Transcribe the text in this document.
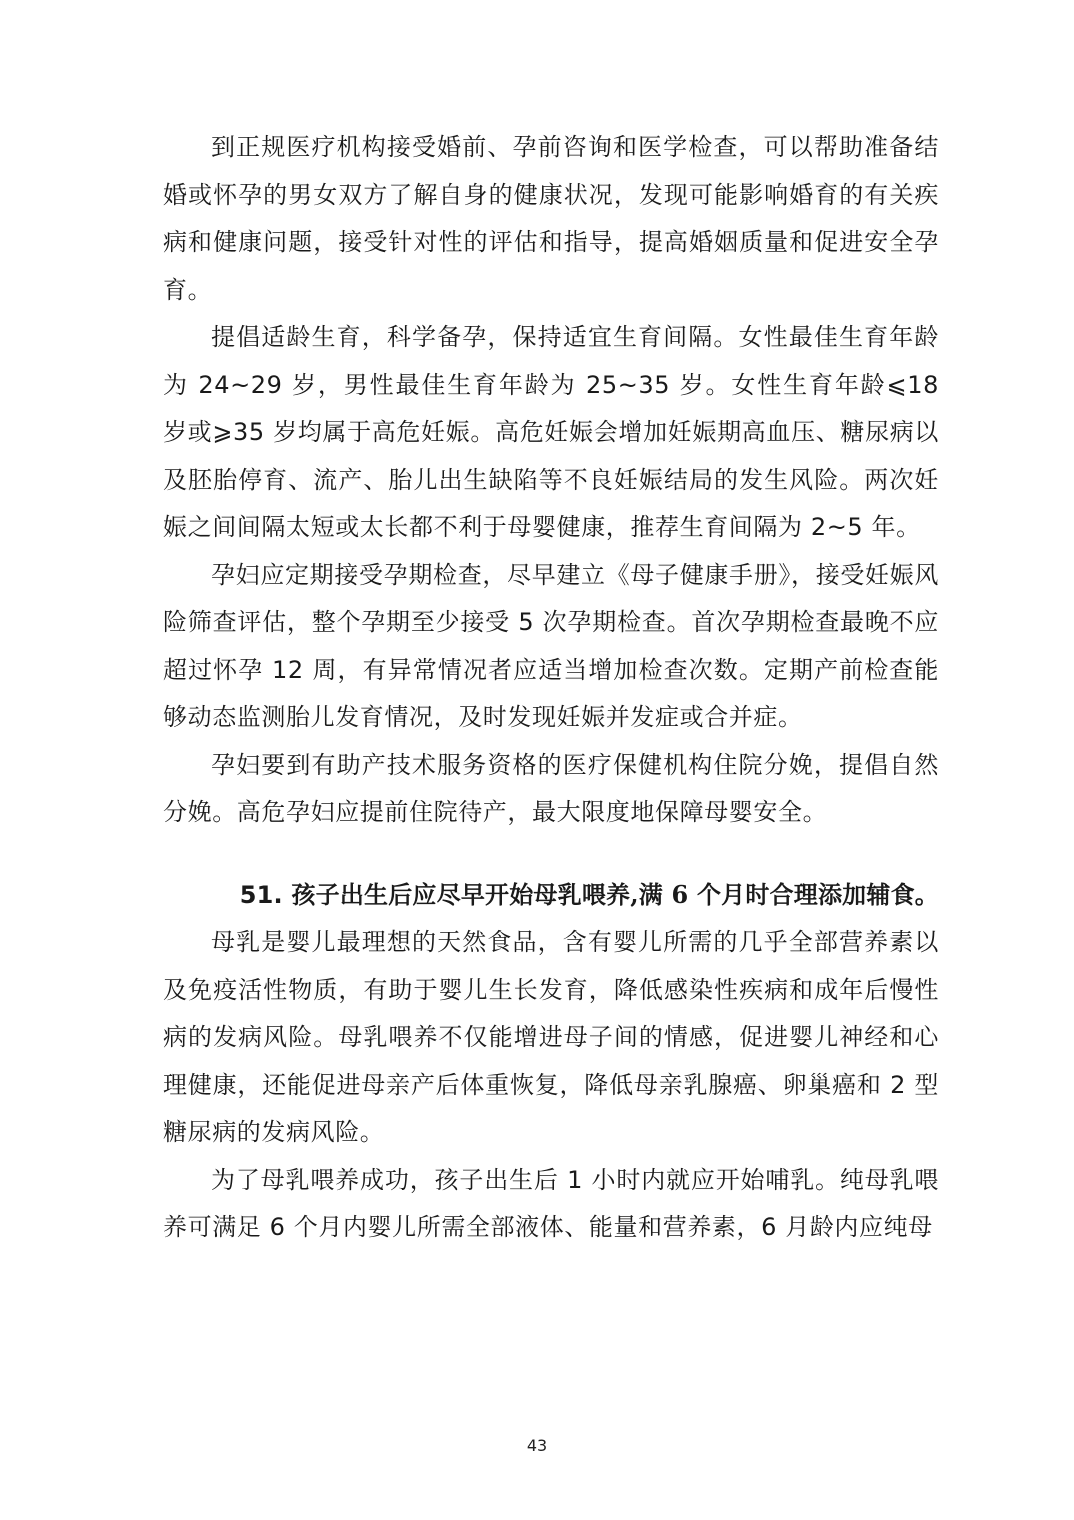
到正规医疗机构接受婚前、孕前咨询和医学检查，可以帮助准备结婚或怀孕的男女双方了解自身的健康状况，发现可能影响婚育的有关疾病和健康问题，接受针对性的评估和指导，提高婚姻质量和促进安全孕育。

提倡适龄生育，科学备孕，保持适宜生育间隔。女性最佳生育年龄为 24~29 岁，男性最佳生育年龄为 25~35 岁。女性生育年龄⩽18 岁或⩾35 岁均属于高危妊娠。高危妊娠会增加妊娠期高血压、糖尿病以及胚胎停育、流产、胎儿出生缺陷等不良妊娠结局的发生风险。两次妊娠之间间隔太短或太长都不利于母婴健康，推荐生育间隔为 2~5 年。

孕妇应定期接受孕期检查，尽早建立《母子健康手册》，接受妊娠风险筛查评估，整个孕期至少接受 5 次孕期检查。首次孕期检查最晚不应超过怀孕 12 周，有异常情况者应适当增加检查次数。定期产前检查能够动态监测胎儿发育情况，及时发现妊娠并发症或合并症。

孕妇要到有助产技术服务资格的医疗保健机构住院分娩，提倡自然分娩。高危孕妇应提前住院待产，最大限度地保障母婴安全。

51. 孩子出生后应尽早开始母乳喂养,满 6 个月时合理添加辅食。

母乳是婴儿最理想的天然食品，含有婴儿所需的几乎全部营养素以及免疫活性物质，有助于婴儿生长发育，降低感染性疾病和成年后慢性病的发病风险。母乳喂养不仅能增进母子间的情感，促进婴儿神经和心理健康，还能促进母亲产后体重恢复，降低母亲乳腺癌、卵巢癌和 2 型糖尿病的发病风险。

为了母乳喂养成功，孩子出生后 1 小时内就应开始哺乳。纯母乳喂养可满足 6 个月内婴儿所需全部液体、能量和营养素，6 月龄内应纯母

43
